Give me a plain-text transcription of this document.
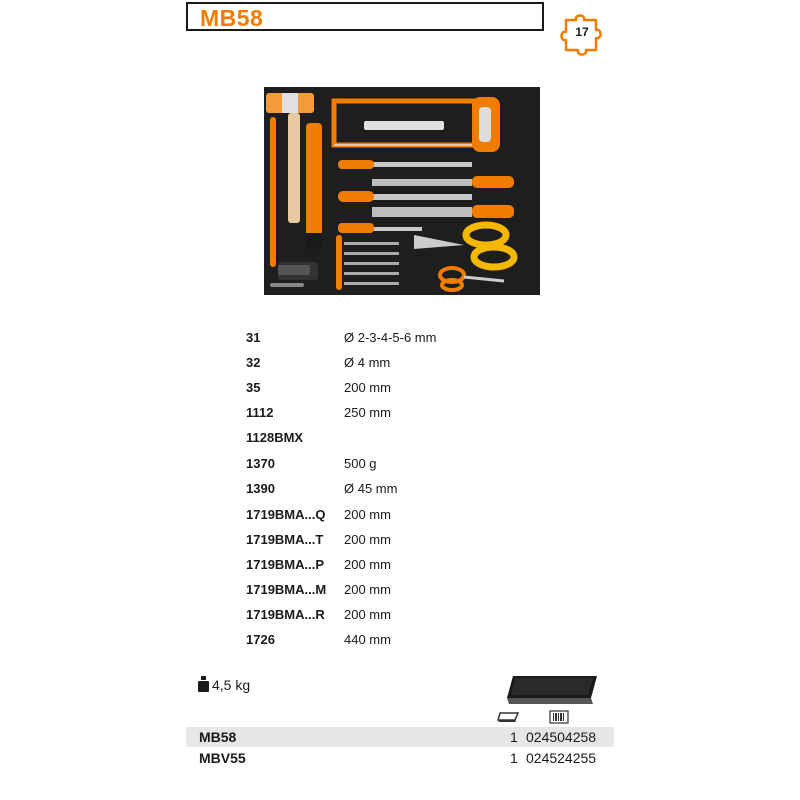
MB58
17
31	Ø 2-3-4-5-6 mm
32	Ø 4 mm
35	200 mm
1112	250 mm
1128BMX
1370	500 g
1390	Ø 45 mm
1719BMA...Q 200 mm
1719BMA...T 200 mm
1719BMA...P 200 mm
1719BMA...M 200 mm
1719BMA...R 200 mm
1726	440 mm
4,5 kg
MB58	1 024504258
MBV55	1 024524255
